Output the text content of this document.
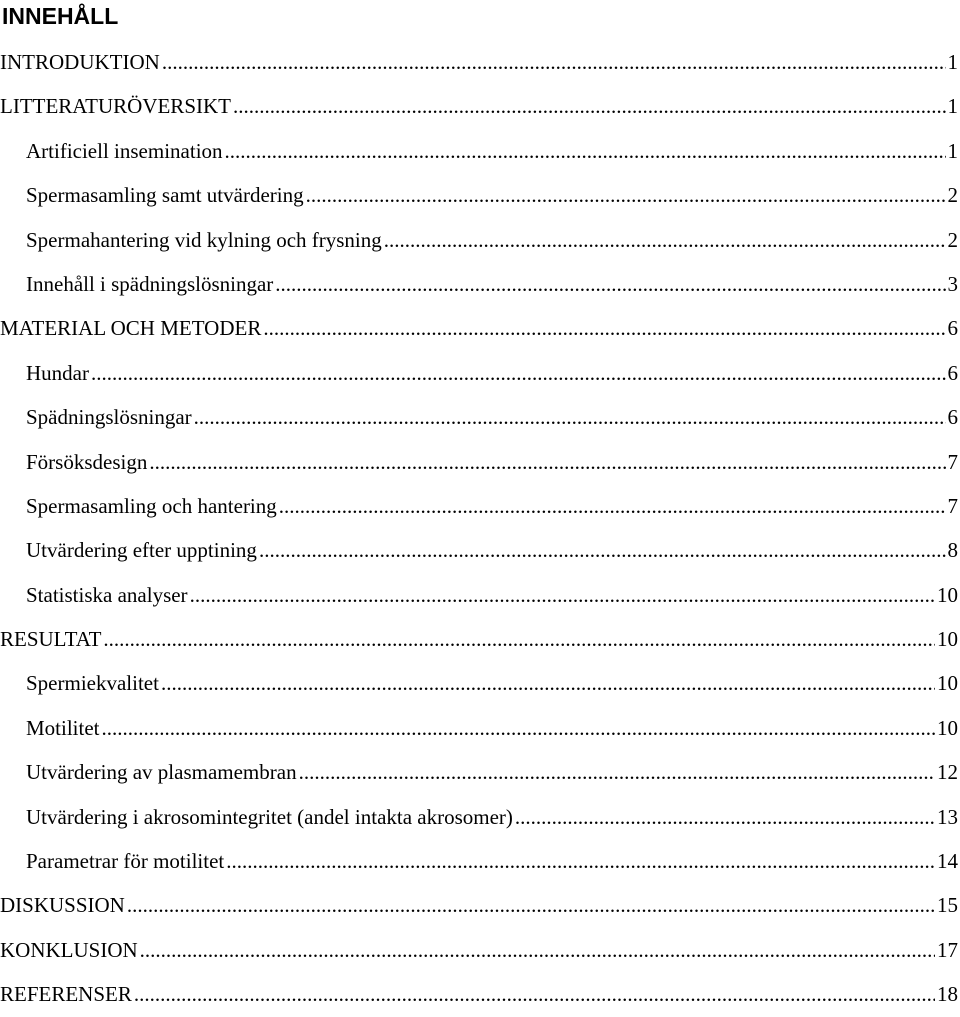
INNEHÅLL
INTRODUKTION .....	1
LITTERATURÖVERSIKT .....	1
Artificiell insemination .....	1
Spermasamling samt utvärdering .....	2
Spermahantering vid kylning och frysning .....	2
Innehåll i spädningslösningar .....	3
MATERIAL OCH METODER .....	6
Hundar .....	6
Spädningslösningar .....	6
Försöksdesign .....	7
Spermasamling och hantering .....	7
Utvärdering efter upptining .....	8
Statistiska analyser .....	10
RESULTAT .....	10
Spermiekvalitet .....	10
Motilitet .....	10
Utvärdering av plasmamembran .....	12
Utvärdering i akrosomintegritet (andel intakta akrosomer) .....	13
Parametrar för motilitet .....	14
DISKUSSION .....	15
KONKLUSION .....	17
REFERENSER .....	18
